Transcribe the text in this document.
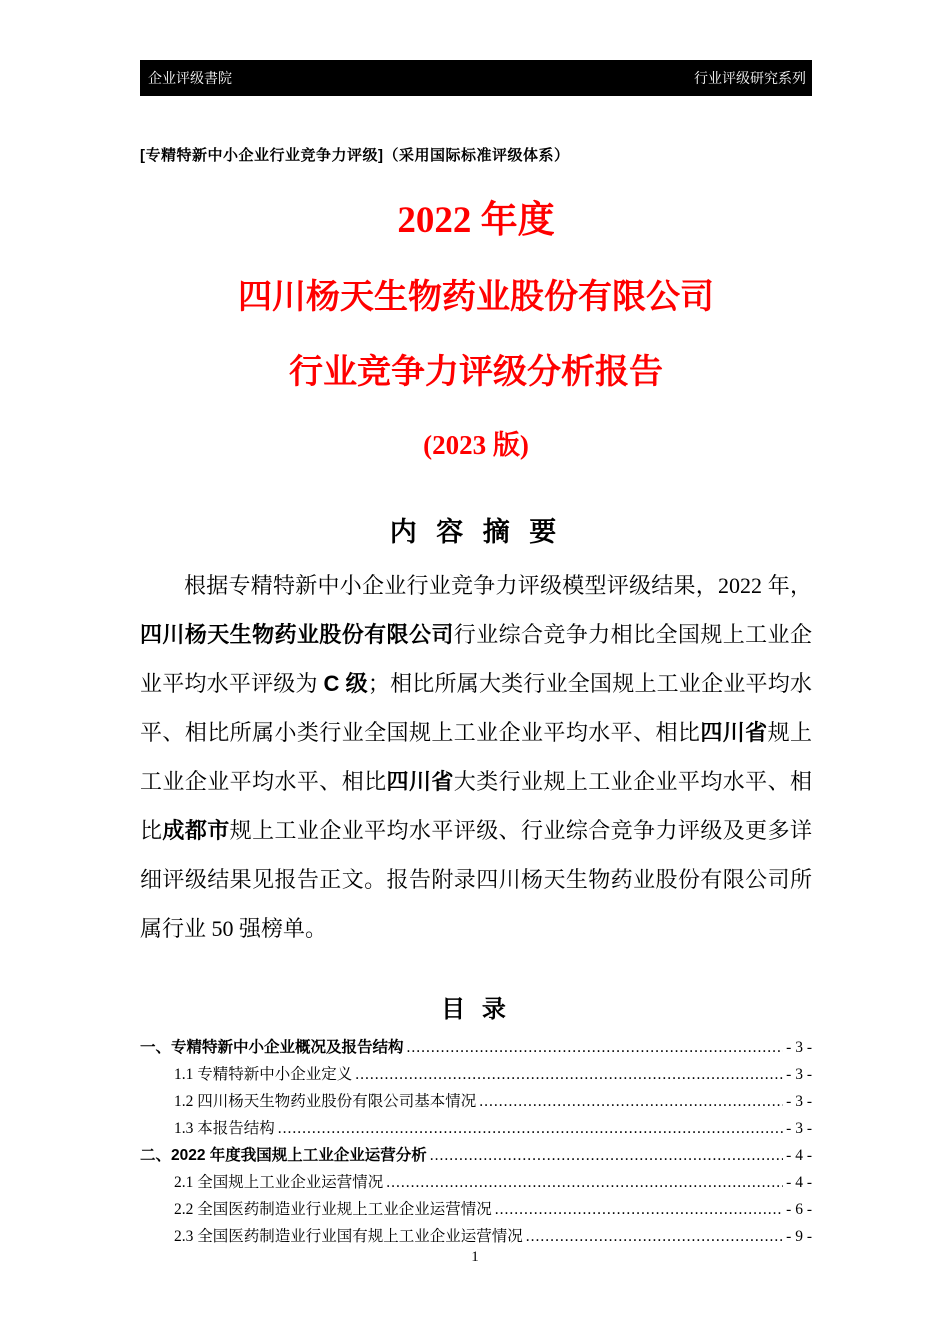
企业评级書院	行业评级研究系列
[专精特新中小企业行业竞争力评级]（采用国际标准评级体系）
2022 年度
四川杨天生物药业股份有限公司
行业竞争力评级分析报告
(2023 版)
内 容 摘 要

根据专精特新中小企业行业竞争力评级模型评级结果，2022 年，四川杨天生物药业股份有限公司行业综合竞争力相比全国规上工业企业平均水平评级为 C 级；相比所属大类行业全国规上工业企业平均水平、相比所属小类行业全国规上工业企业平均水平、相比四川省规上工业企业平均水平、相比四川省大类行业规上工业企业平均水平、相比成都市规上工业企业平均水平评级、行业综合竞争力评级及更多详细评级结果见报告正文。报告附录四川杨天生物药业股份有限公司所属行业 50 强榜单。

目 录
一、专精特新中小企业概况及报告结构 .....	- 3 -
1.1 专精特新中小企业定义 .....	- 3 -
1.2 四川杨天生物药业股份有限公司基本情况 .....	- 3 -
1.3 本报告结构 .....	- 3 -
二、2022 年度我国规上工业企业运营分析 .....	- 4 -
2.1 全国规上工业企业运营情况 .....	- 4 -
2.2 全国医药制造业行业规上工业企业运营情况 .....	- 6 -
2.3 全国医药制造业行业国有规上工业企业运营情况 .....	- 9 -
1
